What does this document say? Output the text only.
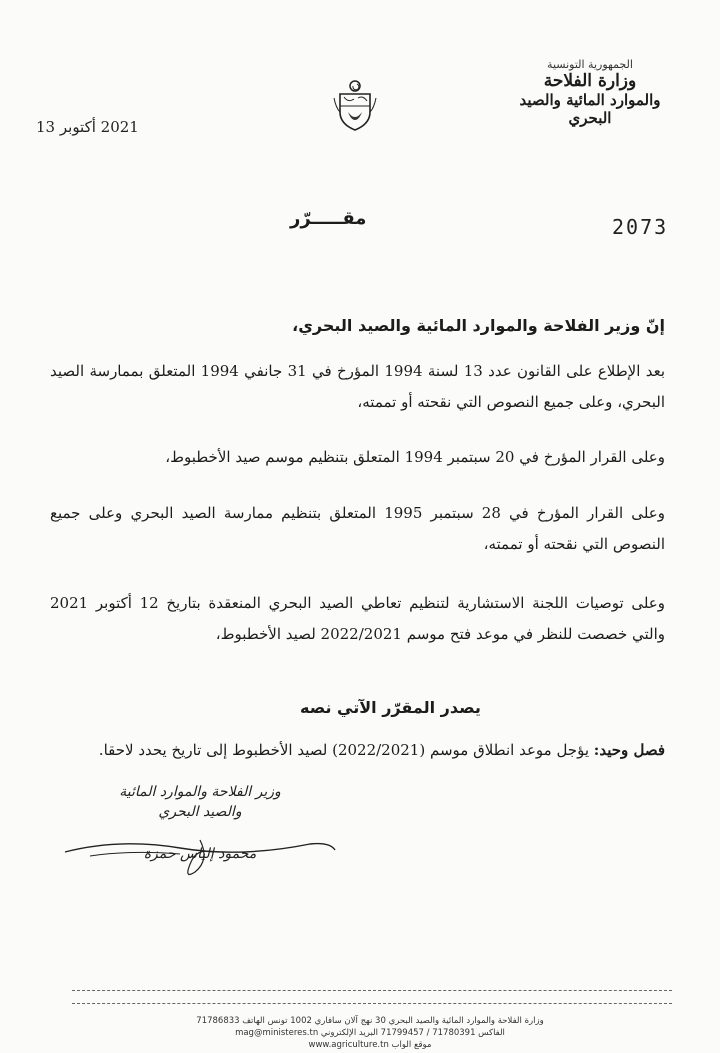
الجمهورية التونسية
وزارة الفلاحة
والموارد المائية والصيد البحري
2021 أكتوبر 13
2073
مقـــــرّر
إنّ وزير الفلاحة والموارد المائية والصيد البحري،
بعد الإطلاع على القانون عدد 13 لسنة 1994 المؤرخ في 31 جانفي 1994 المتعلق بممارسة الصيد البحري، وعلى جميع النصوص التي نقحته أو تممته،
وعلى القرار المؤرخ في 20 سبتمبر 1994 المتعلق بتنظيم موسم صيد الأخطبوط،
وعلى القرار المؤرخ في 28 سبتمبر 1995 المتعلق بتنظيم ممارسة الصيد البحري وعلى جميع النصوص التي نقحته أو تممته،
وعلى توصيات اللجنة الاستشارية لتنظيم تعاطي الصيد البحري المنعقدة بتاريخ 12 أكتوبر 2021 والتي خصصت للنظر في موعد فتح موسم 2022/2021 لصيد الأخطبوط،
يصدر المقرّر الآتي نصه
فصل وحيد: يؤجل موعد انطلاق موسم (2022/2021) لصيد الأخطبوط إلى تاريخ يحدد لاحقا.
وزير الفلاحة والموارد المائية
والصيد البحري
محمود إلياس حمزة
وزارة الفلاحة والموارد المائية والصيد البحري 30 نهج آلان سافاري 1002 تونس الهاتف 71786833
الفاكس 71780391 / 71799457 البريد الإلكتروني mag@ministeres.tn
موقع الواب www.agriculture.tn
